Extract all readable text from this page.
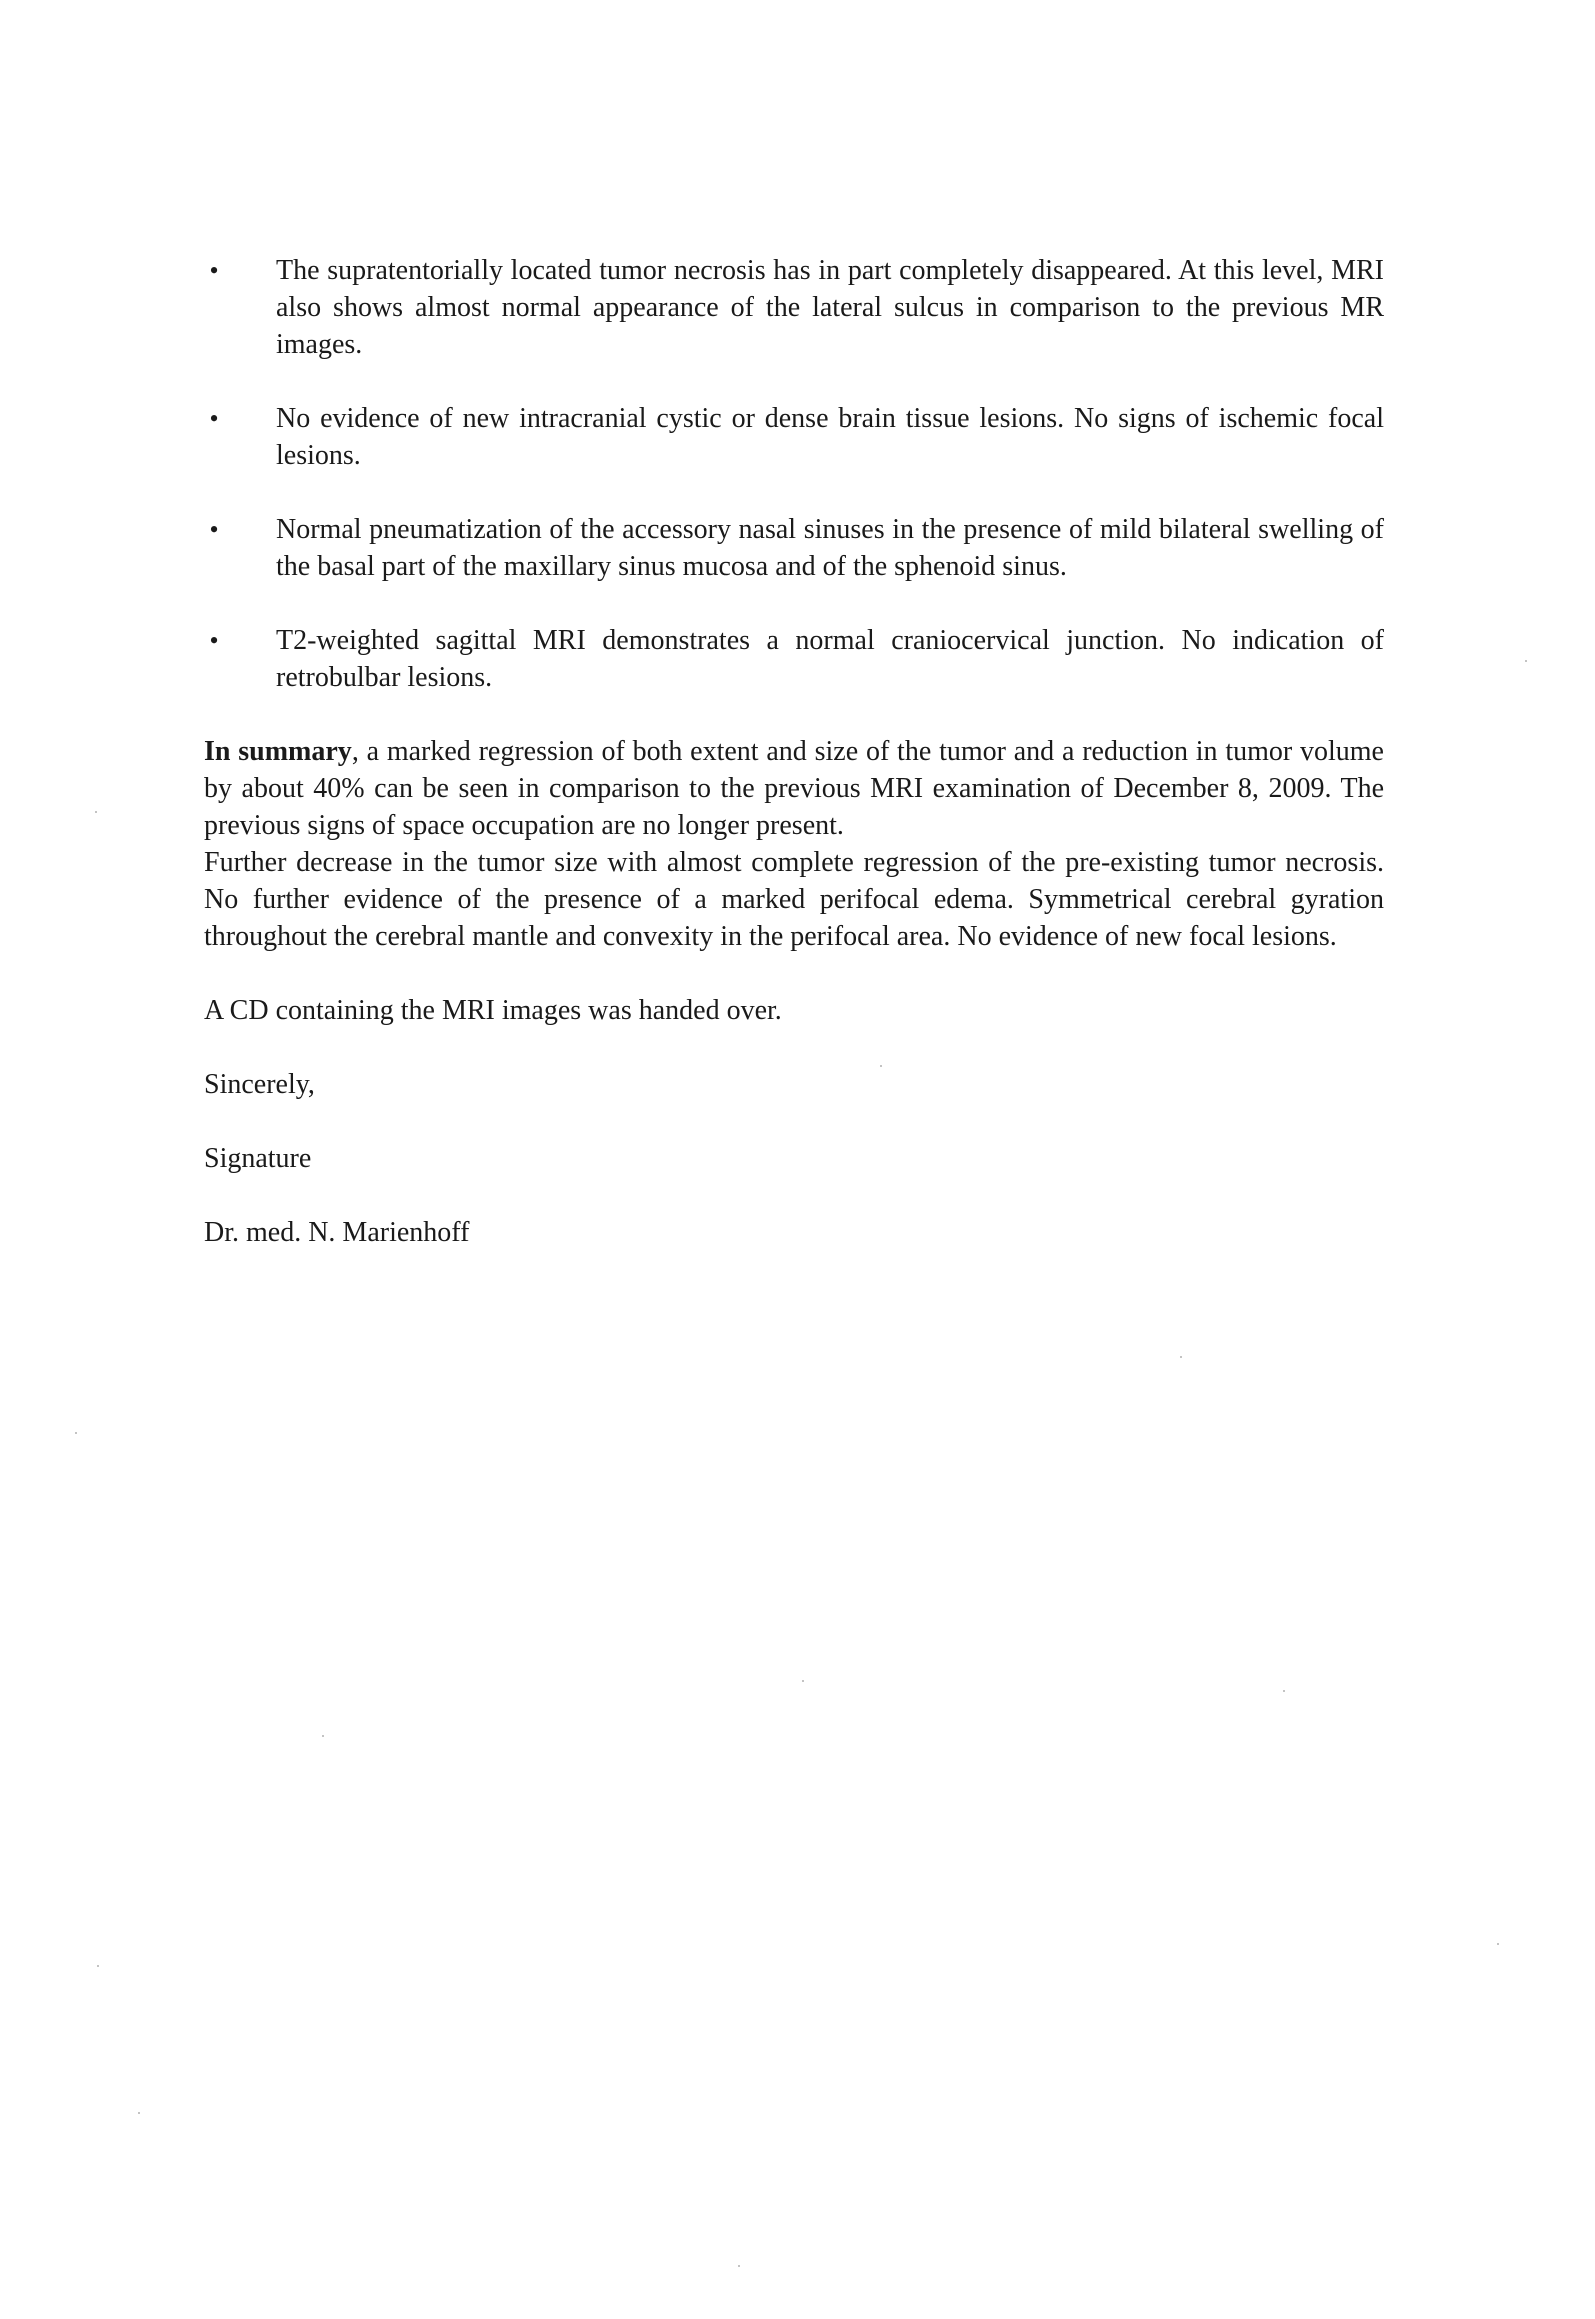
• The supratentorially located tumor necrosis has in part completely disappeared. At this level, MRI also shows almost normal appearance of the lateral sulcus in comparison to the previous MR images.
• No evidence of new intracranial cystic or dense brain tissue lesions. No signs of ischemic focal lesions.
• Normal pneumatization of the accessory nasal sinuses in the presence of mild bilateral swelling of the basal part of the maxillary sinus mucosa and of the sphenoid sinus.
• T2-weighted sagittal MRI demonstrates a normal craniocervical junction. No indication of retrobulbar lesions.

In summary, a marked regression of both extent and size of the tumor and a reduction in tumor volume by about 40% can be seen in comparison to the previous MRI examination of December 8, 2009. The previous signs of space occupation are no longer present.

Further decrease in the tumor size with almost complete regression of the pre-existing tumor necrosis. No further evidence of the presence of a marked perifocal edema. Symmetrical cerebral gyration throughout the cerebral mantle and convexity in the perifocal area. No evidence of new focal lesions.

A CD containing the MRI images was handed over.

Sincerely,

Signature

Dr. med. N. Marienhoff
